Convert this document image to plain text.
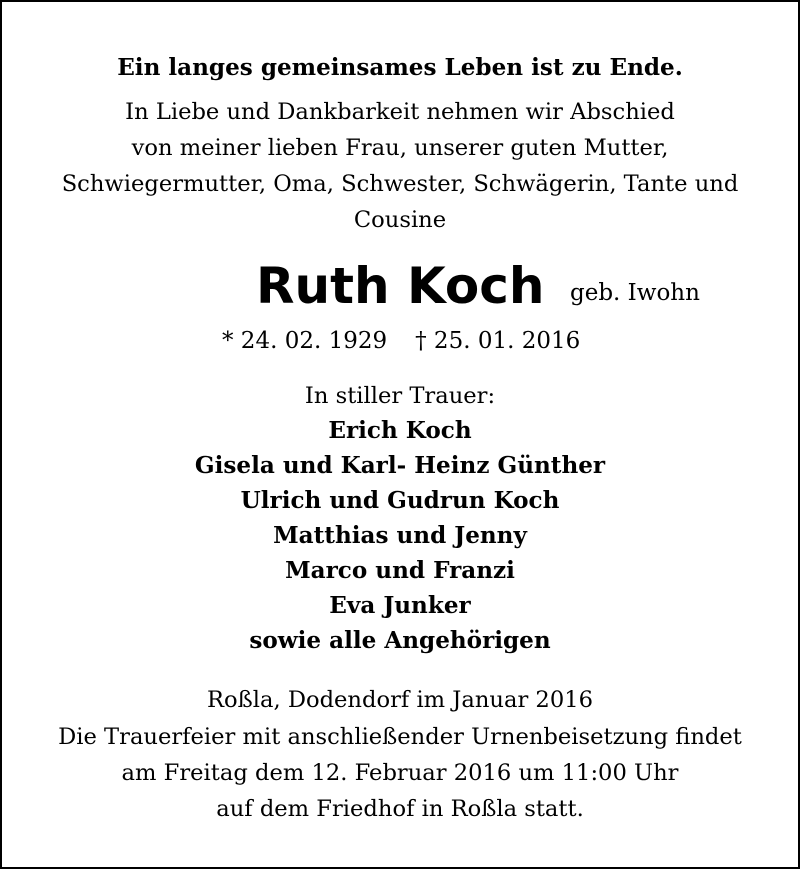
Ein langes gemeinsames Leben ist zu Ende.
In Liebe und Dankbarkeit nehmen wir Abschied
von meiner lieben Frau, unserer guten Mutter,
Schwiegermutter, Oma, Schwester, Schwägerin, Tante und
Cousine
Ruth Koch geb. Iwohn
* 24. 02. 1929 † 25. 01. 2016
In stiller Trauer:
Erich Koch
Gisela und Karl- Heinz Günther
Ulrich und Gudrun Koch
Matthias und Jenny
Marco und Franzi
Eva Junker
sowie alle Angehörigen
Roßla, Dodendorf im Januar 2016
Die Trauerfeier mit anschließender Urnenbeisetzung findet
am Freitag dem 12. Februar 2016 um 11:00 Uhr
auf dem Friedhof in Roßla statt.
